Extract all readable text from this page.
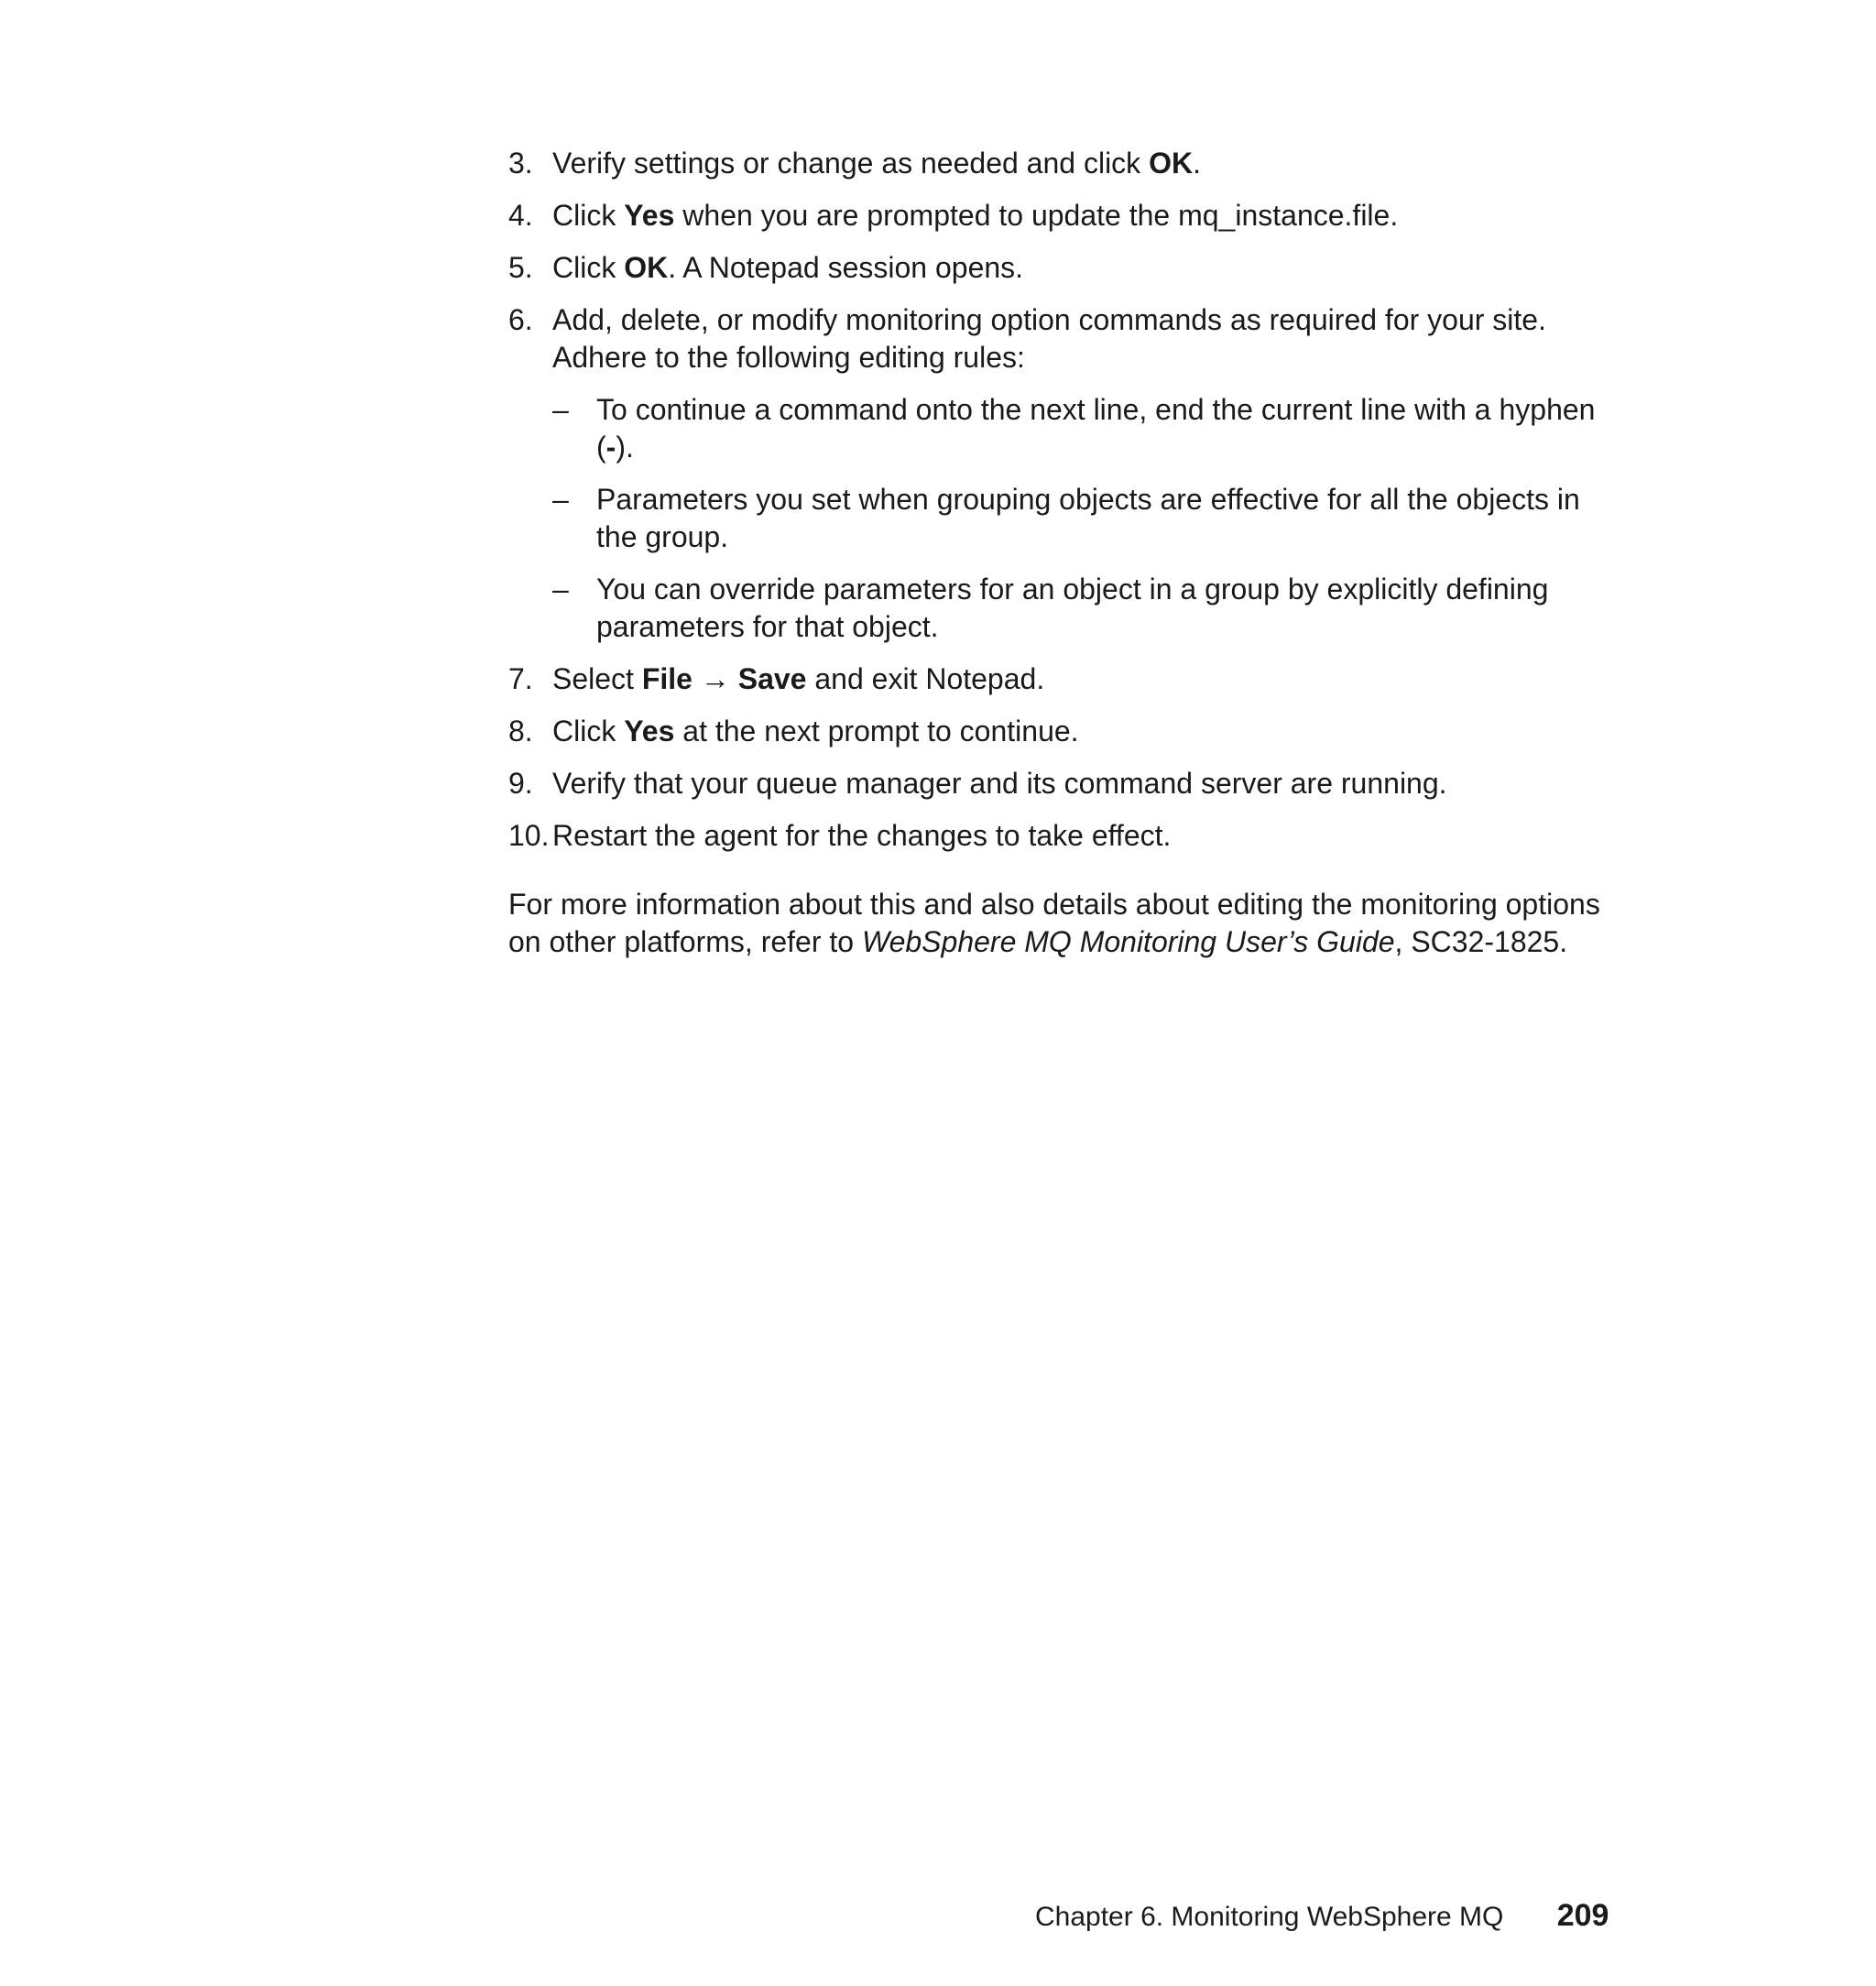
3. Verify settings or change as needed and click OK.
4. Click Yes when you are prompted to update the mq_instance.file.
5. Click OK. A Notepad session opens.
6. Add, delete, or modify monitoring option commands as required for your site. Adhere to the following editing rules:
– To continue a command onto the next line, end the current line with a hyphen (-).
– Parameters you set when grouping objects are effective for all the objects in the group.
– You can override parameters for an object in a group by explicitly defining parameters for that object.
7. Select File → Save and exit Notepad.
8. Click Yes at the next prompt to continue.
9. Verify that your queue manager and its command server are running.
10. Restart the agent for the changes to take effect.

For more information about this and also details about editing the monitoring options on other platforms, refer to WebSphere MQ Monitoring User’s Guide, SC32-1825.

Chapter 6. Monitoring WebSphere MQ 209
